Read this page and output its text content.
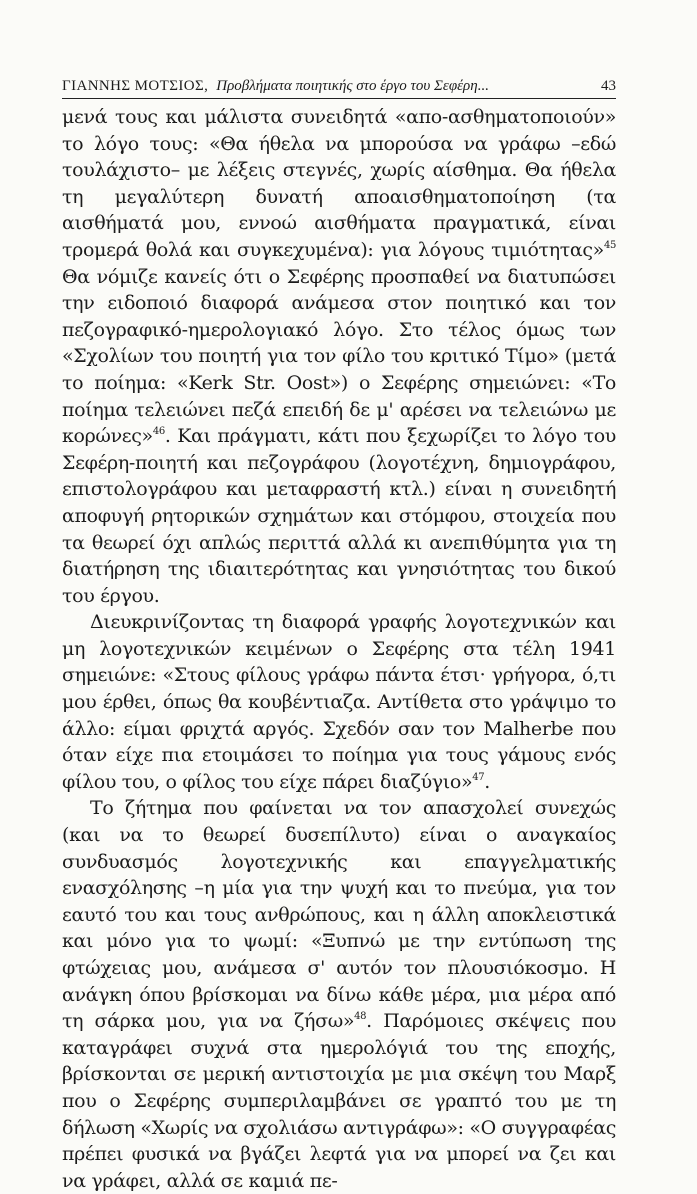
ΓΙΑΝΝΗΣ ΜΟΤΣΙΟΣ, Προβλήματα ποιητικής στο έργο του Σεφέρη...	43

μενά τους και μάλιστα συνειδητά «απο-ασθηματοποιούν» το λόγο τους: «Θα ήθελα να μπορούσα να γράφω –εδώ τουλάχιστο– με λέξεις στεγνές, χωρίς αίσθημα. Θα ήθελα τη μεγαλύτερη δυνατή αποαισθηματοποίηση (τα αισθήματά μου, εννοώ αισθήματα πραγματικά, είναι τρομερά θολά και συγκεχυμένα): για λόγους τιμιότητας»$^{45}$ Θα νόμιζε κανείς ότι ο Σεφέρης προσπαθεί να διατυπώσει την ειδοποιό διαφορά ανάμεσα στον ποιητικό και τον πεζογραφικό-ημερολογιακό λόγο. Στο τέλος όμως των «Σχολίων του ποιητή για τον φίλο του κριτικό Τίμο» (μετά το ποίημα: «Kerk Str. Oost») ο Σεφέρης σημειώνει: «Το ποίημα τελειώνει πεζά επειδή δε μ' αρέσει να τελειώνω με κορώνες»$^{46}$. Και πράγματι, κάτι που ξεχωρίζει το λόγο του Σεφέρη-ποιητή και πεζογράφου (λογοτέχνη, δημιογράφου, επιστολογράφου και μεταφραστή κτλ.) είναι η συνειδητή αποφυγή ρητορικών σχημάτων και στόμφου, στοιχεία που τα θεωρεί όχι απλώς περιττά αλλά κι ανεπιθύμητα για τη διατήρηση της ιδιαιτερότητας και γνησιότητας του δικού του έργου.

Διευκρινίζοντας τη διαφορά γραφής λογοτεχνικών και μη λογοτεχνικών κειμένων ο Σεφέρης στα τέλη 1941 σημειώνε: «Στους φίλους γράφω πάντα έτσι· γρήγορα, ό,τι μου έρθει, όπως θα κουβέντιαζα. Αντίθετα στο γράψιμο το άλλο: είμαι φριχτά αργός. Σχεδόν σαν τον Malherbe που όταν είχε πια ετοιμάσει το ποίημα για τους γάμους ενός φίλου του, ο φίλος του είχε πάρει διαζύγιο»$^{47}$.

Το ζήτημα που φαίνεται να τον απασχολεί συνεχώς (και να το θεωρεί δυσεπίλυτο) είναι ο αναγκαίος συνδυασμός λογοτεχνικής και επαγγελματικής ενασχόλησης –η μία για την ψυχή και το πνεύμα, για τον εαυτό του και τους ανθρώπους, και η άλλη αποκλειστικά και μόνο για το ψωμί: «Ξυπνώ με την εντύπωση της φτώχειας μου, ανάμεσα σ' αυτόν τον πλουσιόκοσμο. Η ανάγκη όπου βρίσκομαι να δίνω κάθε μέρα, μια μέρα από τη σάρκα μου, για να ζήσω»$^{48}$. Παρόμοιες σκέψεις που καταγράφει συχνά στα ημερολόγιά του της εποχής, βρίσκονται σε μερική αντιστοιχία με μια σκέψη του Μαρξ που ο Σεφέρης συμπεριλαμβάνει σε γραπτό του με τη δήλωση «Χωρίς να σχολιάσω αντιγράφω»: «Ο συγγραφέας πρέπει φυσικά να βγάζει λεφτά για να μπορεί να ζει και να γράφει, αλλά σε καμιά πε-
